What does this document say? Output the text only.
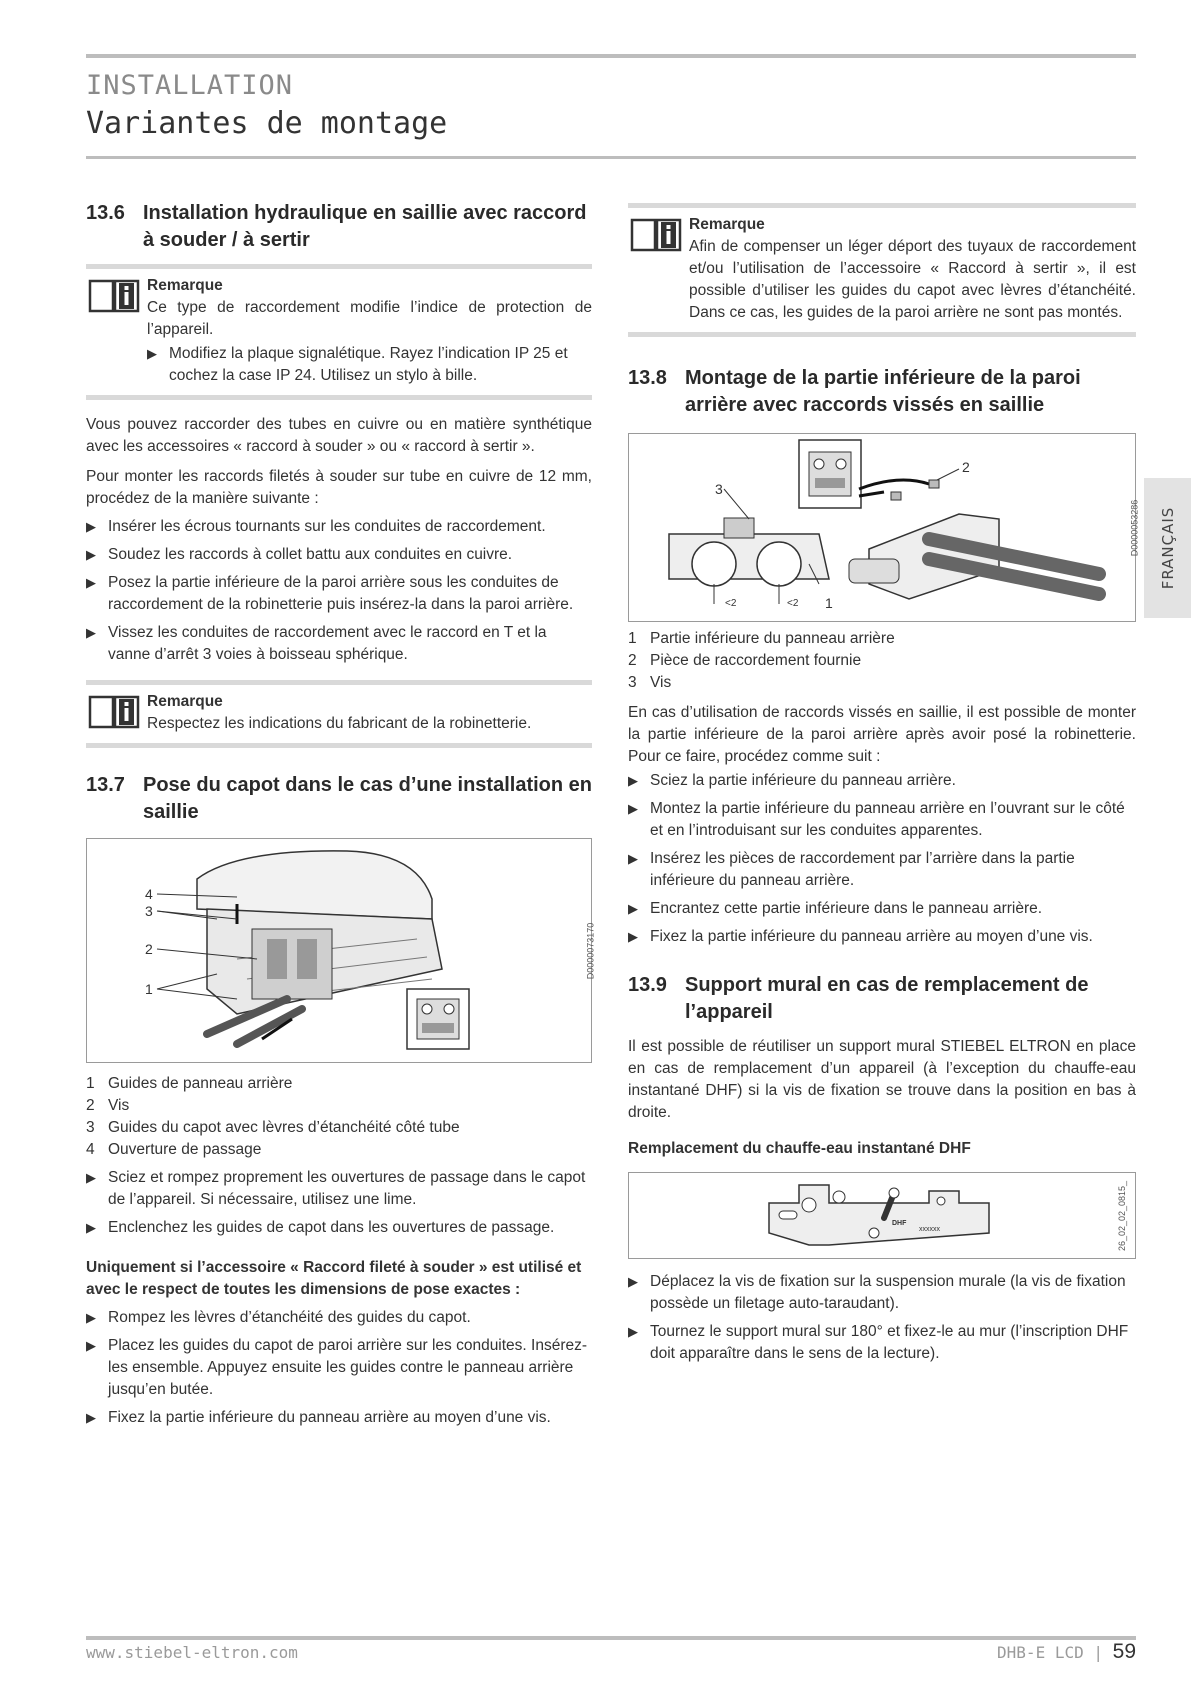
INSTALLATION
Variantes de montage
FRANÇAIS
13.6 Installation hydraulique en saillie avec raccord à souder / à sertir
Remarque

Ce type de raccordement modifie l’indice de protection de l’appareil.

▶ Modifiez la plaque signalétique. Rayez l’indication IP 25 et cochez la case IP 24. Utilisez un stylo à bille.

Vous pouvez raccorder des tubes en cuivre ou en matière synthétique avec les accessoires « raccord à souder » ou « raccord à sertir ».

Pour monter les raccords filetés à souder sur tube en cuivre de 12 mm, procédez de la manière suivante :

▶ Insérer les écrous tournants sur les conduites de raccordement.
▶ Soudez les raccords à collet battu aux conduites en cuivre.
▶ Posez la partie inférieure de la paroi arrière sous les conduites de raccordement de la robinetterie puis insérez-la dans la paroi arrière.
▶ Vissez les conduites de raccordement avec le raccord en T et la vanne d’arrêt 3 voies à boisseau sphérique.
Remarque

Respectez les indications du fabricant de la robinetterie.

13.7 Pose du capot dans le cas d’une installation en saillie
4
3
2
1
D0000073170
1 Guides de panneau arrière
2 Vis
3 Guides du capot avec lèvres d’étanchéité côté tube
4 Ouverture de passage
▶ Sciez et rompez proprement les ouvertures de passage dans le capot de l’appareil. Si nécessaire, utilisez une lime.
▶ Enclenchez les guides de capot dans les ouvertures de passage.

Uniquement si l’accessoire « Raccord fileté à souder » est utilisé et avec le respect de toutes les dimensions de pose exactes :

▶ Rompez les lèvres d’étanchéité des guides du capot.
▶ Placez les guides du capot de paroi arrière sur les conduites. Insérez-les ensemble. Appuyez ensuite les guides contre le panneau arrière jusqu’en butée.
▶ Fixez la partie inférieure du panneau arrière au moyen d’une vis.
Remarque

Afin de compenser un léger déport des tuyaux de raccordement et/ou l’utilisation de l’accessoire « Raccord à sertir », il est possible d’utiliser les guides du capot avec lèvres d’étanchéité. Dans ce cas, les guides de la paroi arrière ne sont pas montés.

13.8 Montage de la partie inférieure de la paroi arrière avec raccords vissés en saillie
2
3
1
<2	<2
D0000053286
1 Partie inférieure du panneau arrière
2 Pièce de raccordement fournie
3 Vis

En cas d’utilisation de raccords vissés en saillie, il est possible de monter la partie inférieure de la paroi arrière après avoir posé la robinetterie. Pour ce faire, procédez comme suit :

▶ Sciez la partie inférieure du panneau arrière.
▶ Montez la partie inférieure du panneau arrière en l’ouvrant sur le côté et en l’introduisant sur les conduites apparentes.
▶ Insérez les pièces de raccordement par l’arrière dans la partie inférieure du panneau arrière.
▶ Encrantez cette partie inférieure dans le panneau arrière.
▶ Fixez la partie inférieure du panneau arrière au moyen d’une vis.
13.9 Support mural en cas de remplacement de l’appareil

Il est possible de réutiliser un support mural STIEBEL ELTRON en place en cas de remplacement d’un appareil (à l’exception du chauffe-eau instantané DHF) si la vis de fixation se trouve dans la position en bas à droite.

Remplacement du chauffe-eau instantané DHF
DHF
xxxxxx	26_02_02_0815_
▶ Déplacez la vis de fixation sur la suspension murale (la vis de fixation possède un filetage auto-taraudant).
▶ Tournez le support mural sur 180° et fixez-le au mur (l’inscription DHF doit apparaître dans le sens de la lecture).
www.stiebel-eltron.com	DHB-E LCD | 59
